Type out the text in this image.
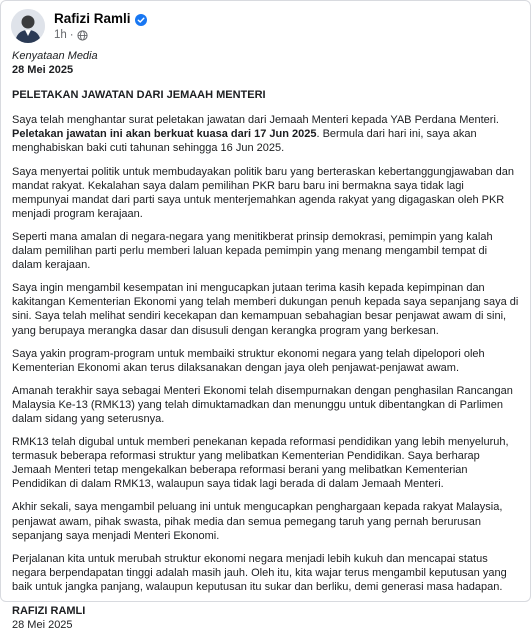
Rafizi Ramli
1h ·
Kenyataan Media
28 Mei 2025
PELETAKAN JAWATAN DARI JEMAAH MENTERI

Saya telah menghantar surat peletakan jawatan dari Jemaah Menteri kepada YAB Perdana Menteri. Peletakan jawatan ini akan berkuat kuasa dari 17 Jun 2025. Bermula dari hari ini, saya akan menghabiskan baki cuti tahunan sehingga 16 Jun 2025.

Saya menyertai politik untuk membudayakan politik baru yang berteraskan kebertanggungjawaban dan mandat rakyat. Kekalahan saya dalam pemilihan PKR baru baru ini bermakna saya tidak lagi mempunyai mandat dari parti saya untuk menterjemahkan agenda rakyat yang digagaskan oleh PKR menjadi program kerajaan.

Seperti mana amalan di negara-negara yang menitikberat prinsip demokrasi, pemimpin yang kalah dalam pemilihan parti perlu memberi laluan kepada pemimpin yang menang mengambil tempat di dalam kerajaan.

Saya ingin mengambil kesempatan ini mengucapkan jutaan terima kasih kepada kepimpinan dan kakitangan Kementerian Ekonomi yang telah memberi dukungan penuh kepada saya sepanjang saya di sini. Saya telah melihat sendiri kecekapan dan kemampuan sebahagian besar penjawat awam di sini, yang berupaya merangka dasar dan disusuli dengan kerangka program yang berkesan.

Saya yakin program-program untuk membaiki struktur ekonomi negara yang telah dipelopori oleh Kementerian Ekonomi akan terus dilaksanakan dengan jaya oleh penjawat-penjawat awam.

Amanah terakhir saya sebagai Menteri Ekonomi telah disempurnakan dengan penghasilan Rancangan Malaysia Ke-13 (RMK13) yang telah dimuktamadkan dan menunggu untuk dibentangkan di Parlimen dalam sidang yang seterusnya.

RMK13 telah digubal untuk memberi penekanan kepada reformasi pendidikan yang lebih menyeluruh, termasuk beberapa reformasi struktur yang melibatkan Kementerian Pendidikan. Saya berharap Jemaah Menteri tetap mengekalkan beberapa reformasi berani yang melibatkan Kementerian Pendidikan di dalam RMK13, walaupun saya tidak lagi berada di dalam Jemaah Menteri.

Akhir sekali, saya mengambil peluang ini untuk mengucapkan penghargaan kepada rakyat Malaysia, penjawat awam, pihak swasta, pihak media dan semua pemegang taruh yang pernah berurusan sepanjang saya menjadi Menteri Ekonomi.

Perjalanan kita untuk merubah struktur ekonomi negara menjadi lebih kukuh dan mencapai status negara berpendapatan tinggi adalah masih jauh. Oleh itu, kita wajar terus mengambil keputusan yang baik untuk jangka panjang, walaupun keputusan itu sukar dan berliku, demi generasi masa hadapan.

RAFIZI RAMLI
28 Mei 2025
